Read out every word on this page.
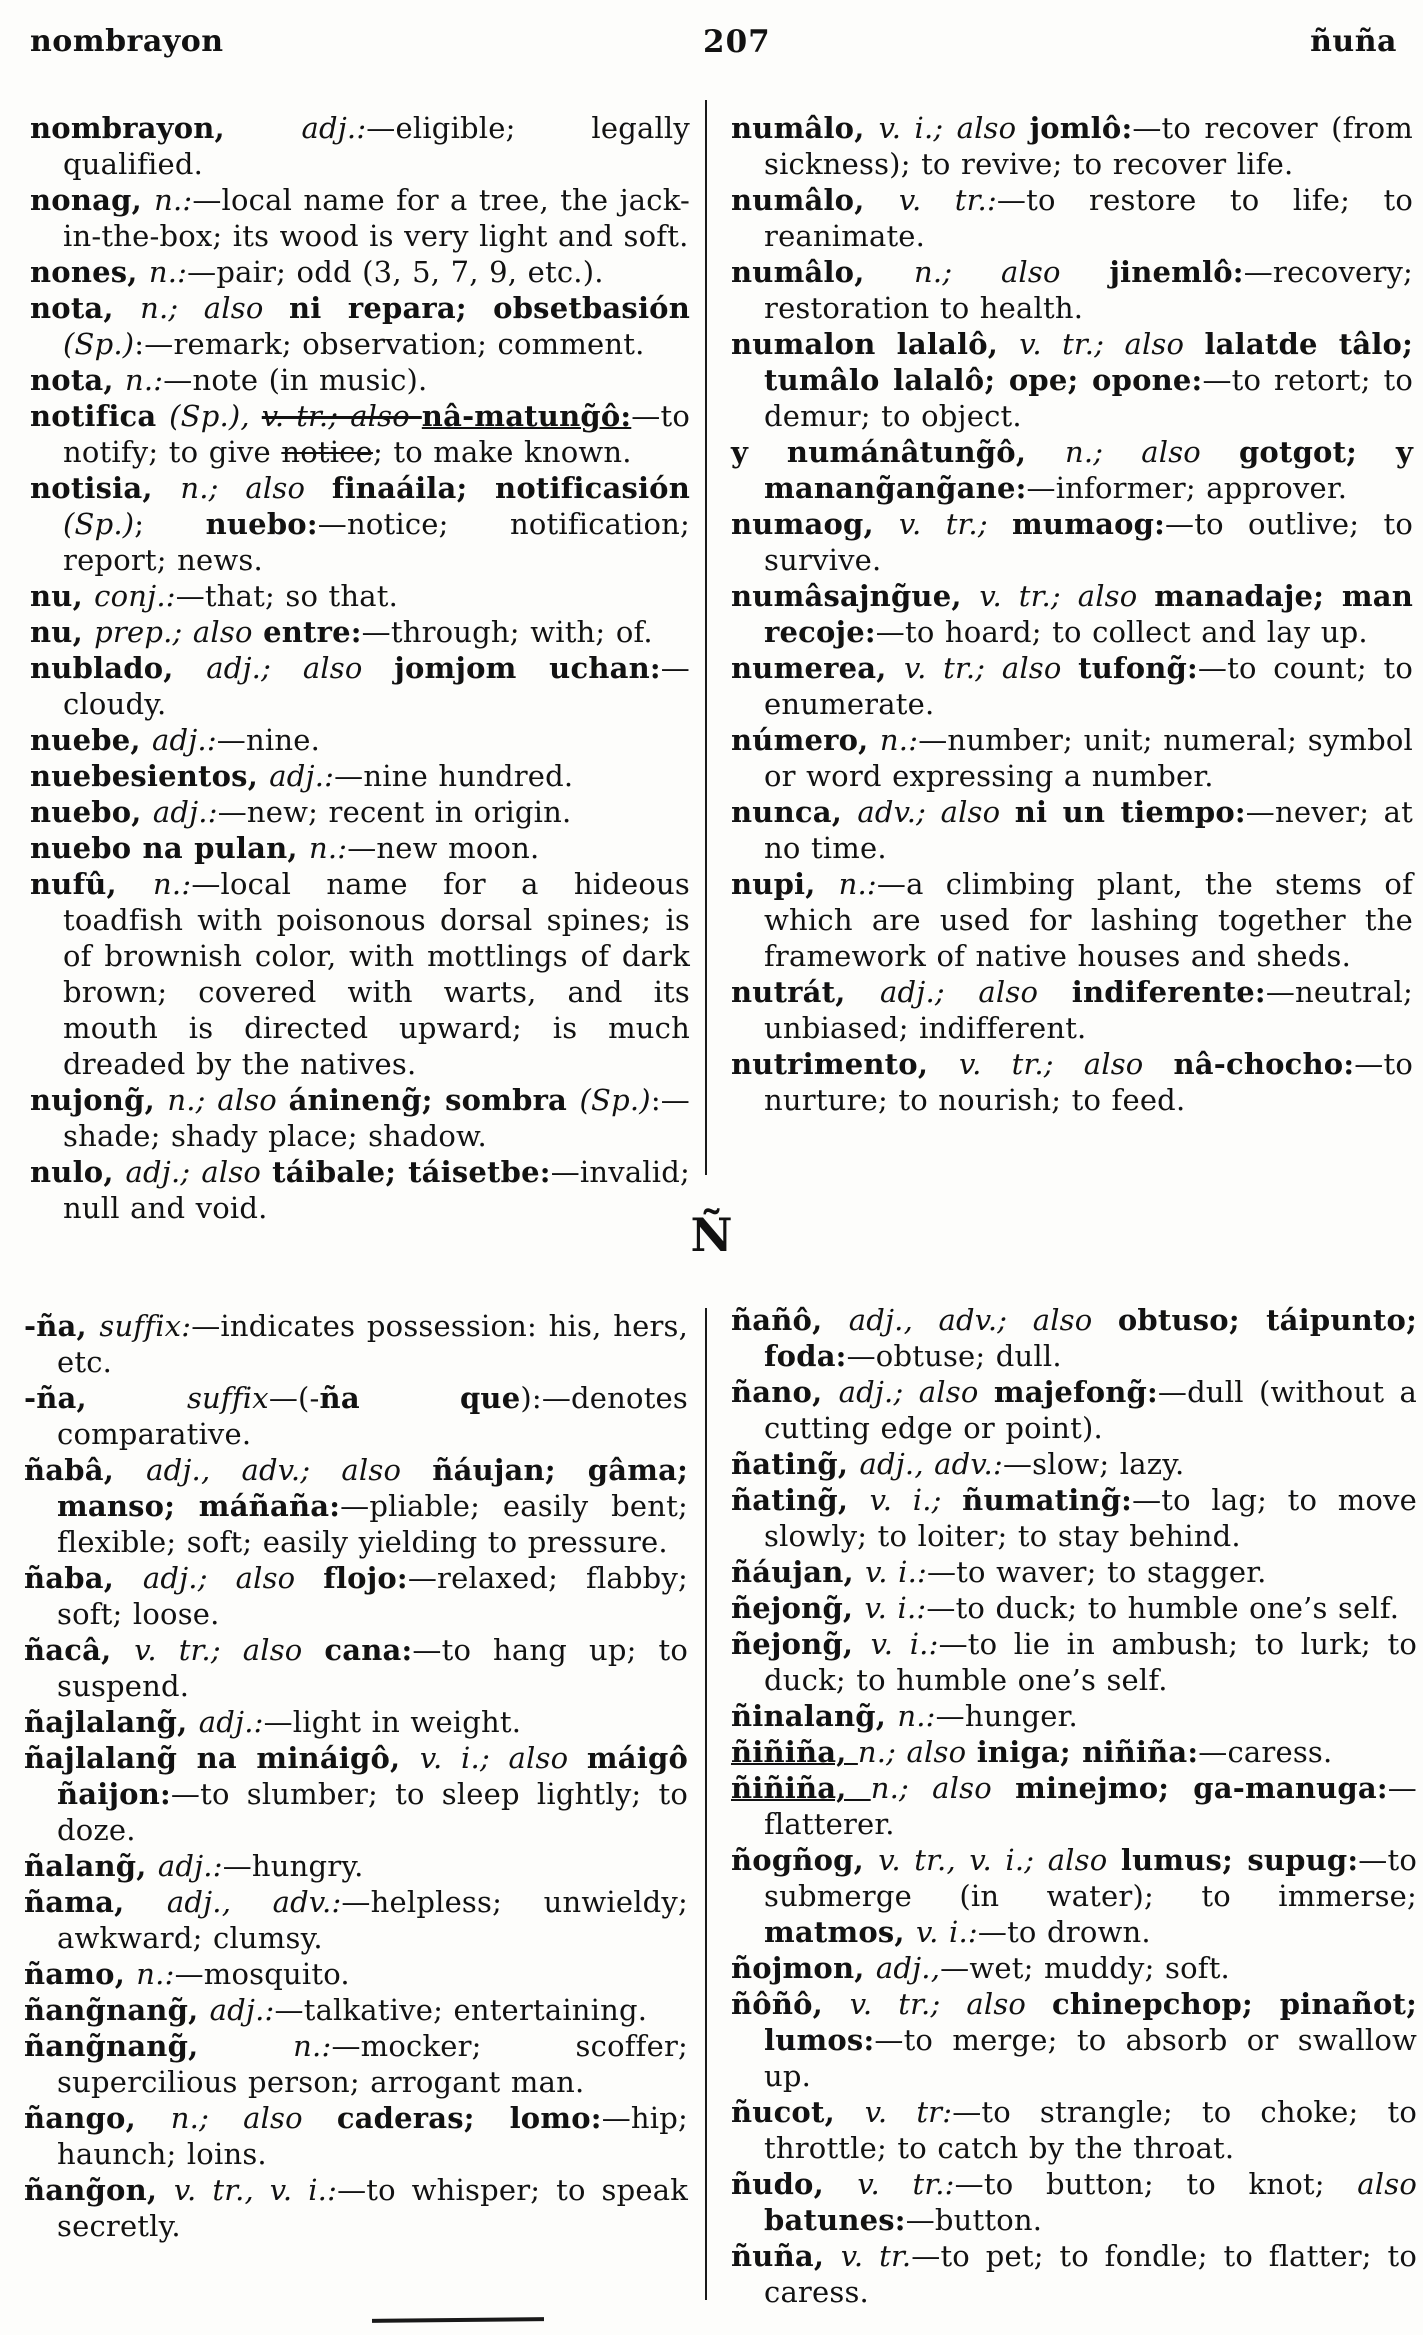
nombrayon	207	ñuña

nombrayon, adj.:—eligible; legally qualified.

nonag, n.:—local name for a tree, the jack-in-the-box; its wood is very light and soft.

nones, n.:—pair; odd (3, 5, 7, 9, etc.).

nota, n.; also ni repara; obsetbasión (Sp.):—remark; observation; comment.

nota, n.:—note (in music).

notifica (Sp.), v. tr.; also nâ-matung̃ô:—to notify; to give notice; to make known.

notisia, n.; also finaáila; notificasión (Sp.); nuebo:—notice; notification; report; news.

nu, conj.:—that; so that.

nu, prep.; also entre:—through; with; of.

nublado, adj.; also jomjom uchan:—cloudy.

nuebe, adj.:—nine.

nuebesientos, adj.:—nine hundred.

nuebo, adj.:—new; recent in origin.

nuebo na pulan, n.:—new moon.

nufû, n.:—local name for a hideous toadfish with poisonous dorsal spines; is of brownish color, with mottlings of dark brown; covered with warts, and its mouth is directed upward; is much dreaded by the natives.

nujong̃, n.; also ánineng̃; sombra (Sp.):—shade; shady place; shadow.

nulo, adj.; also táibale; táisetbe:—invalid; null and void.

numâlo, v. i.; also jomlô:—to recover (from sickness); to revive; to recover life.

numâlo, v. tr.:—to restore to life; to reanimate.

numâlo, n.; also jinemlô:—recovery; restoration to health.

numalon lalalô, v. tr.; also lalatde tâlo; tumâlo lalalô; ope; opone:—to retort; to demur; to object.

y numánâtung̃ô, n.; also gotgot; y manang̃ang̃ane:—informer; approver.

numaog, v. tr.; mumaog:—to outlive; to survive.

numâsajng̃ue, v. tr.; also manadaje; man recoje:—to hoard; to collect and lay up.

numerea, v. tr.; also tufong̃:—to count; to enumerate.

número, n.:—number; unit; numeral; symbol or word expressing a number.

nunca, adv.; also ni un tiempo:—never; at no time.

nupi, n.:—a climbing plant, the stems of which are used for lashing together the framework of native houses and sheds.

nutrát, adj.; also indiferente:—neutral; unbiased; indifferent.

nutrimento, v. tr.; also nâ-chocho:—to nurture; to nourish; to feed.

Ñ

-ña, suffix:—indicates possession: his, hers, etc.

-ña, suffix—(-ña que):—denotes comparative.

ñabâ, adj., adv.; also ñáujan; gâma; manso; máñaña:—pliable; easily bent; flexible; soft; easily yielding to pressure.

ñaba, adj.; also flojo:—relaxed; flabby; soft; loose.

ñacâ, v. tr.; also cana:—to hang up; to suspend.

ñajlalang̃, adj.:—light in weight.

ñajlalang̃ na mináigô, v. i.; also máigô ñaijon:—to slumber; to sleep lightly; to doze.

ñalang̃, adj.:—hungry.

ñama, adj., adv.:—helpless; unwieldy; awkward; clumsy.

ñamo, n.:—mosquito.

ñang̃nang̃, adj.:—talkative; entertaining.

ñang̃nang̃, n.:—mocker; scoffer; supercilious person; arrogant man.

ñango, n.; also caderas; lomo:—hip; haunch; loins.

ñang̃on, v. tr., v. i.:—to whisper; to speak secretly.

ñañô, adj., adv.; also obtuso; táipunto; foda:—obtuse; dull.

ñano, adj.; also majefong̃:—dull (without a cutting edge or point).

ñating̃, adj., adv.:—slow; lazy.

ñating̃, v. i.; ñumating̃:—to lag; to move slowly; to loiter; to stay behind.

ñáujan, v. i.:—to waver; to stagger.

ñejong̃, v. i.:—to duck; to humble one’s self.

ñejong̃, v. i.:—to lie in ambush; to lurk; to duck; to humble one’s self.

ñinalang̃, n.:—hunger.

ñiñiña, n.; also iniga; niñiña:—caress.

ñiñiña, n.; also minejmo; ga-manuga:—flatterer.

ñogñog, v. tr., v. i.; also lumus; supug:—to submerge (in water); to immerse; matmos, v. i.:—to drown.

ñojmon, adj.,—wet; muddy; soft.

ñôñô, v. tr.; also chinepchop; pinañot; lumos:—to merge; to absorb or swallow up.

ñucot, v. tr:—to strangle; to choke; to throttle; to catch by the throat.

ñudo, v. tr.:—to button; to knot; also batunes:—button.

ñuña, v. tr.—to pet; to fondle; to flatter; to caress.
